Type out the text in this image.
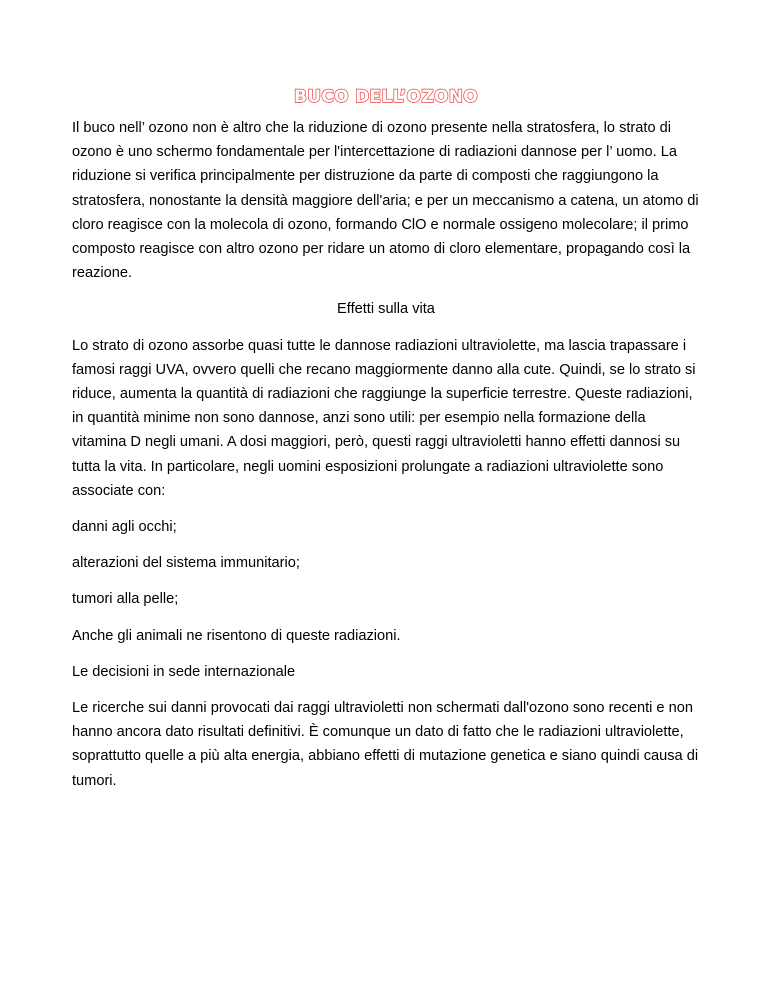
BUCO DELL’OZONO

Il buco nell’ ozono non è altro che la riduzione di ozono presente nella stratosfera, lo strato di ozono è uno schermo fondamentale per l'intercettazione di radiazioni dannose per l’ uomo. La riduzione si verifica principalmente per distruzione da parte di composti che raggiungono la stratosfera, nonostante la densità maggiore dell'aria; e per un meccanismo a catena, un atomo di cloro reagisce con la molecola di ozono, formando ClO e normale ossigeno molecolare; il primo composto reagisce con altro ozono per ridare un atomo di cloro elementare, propagando così la reazione.

Effetti sulla vita

Lo strato di ozono assorbe quasi tutte le dannose radiazioni ultraviolette, ma lascia trapassare i famosi raggi UVA, ovvero quelli che recano maggiormente danno alla cute. Quindi, se lo strato si riduce, aumenta la quantità di radiazioni che raggiunge la superficie terrestre. Queste radiazioni, in quantità minime non sono dannose, anzi sono utili: per esempio nella formazione della vitamina D negli umani. A dosi maggiori, però, questi raggi ultravioletti hanno effetti dannosi su tutta la vita. In particolare, negli uomini esposizioni prolungate a radiazioni ultraviolette sono associate con:

danni agli occhi;

alterazioni del sistema immunitario;

tumori alla pelle;

Anche gli animali ne risentono di queste radiazioni.

Le decisioni in sede internazionale

Le ricerche sui danni provocati dai raggi ultravioletti non schermati dall'ozono sono recenti e non hanno ancora dato risultati definitivi. È comunque un dato di fatto che le radiazioni ultraviolette, soprattutto quelle a più alta energia, abbiano effetti di mutazione genetica e siano quindi causa di tumori.
